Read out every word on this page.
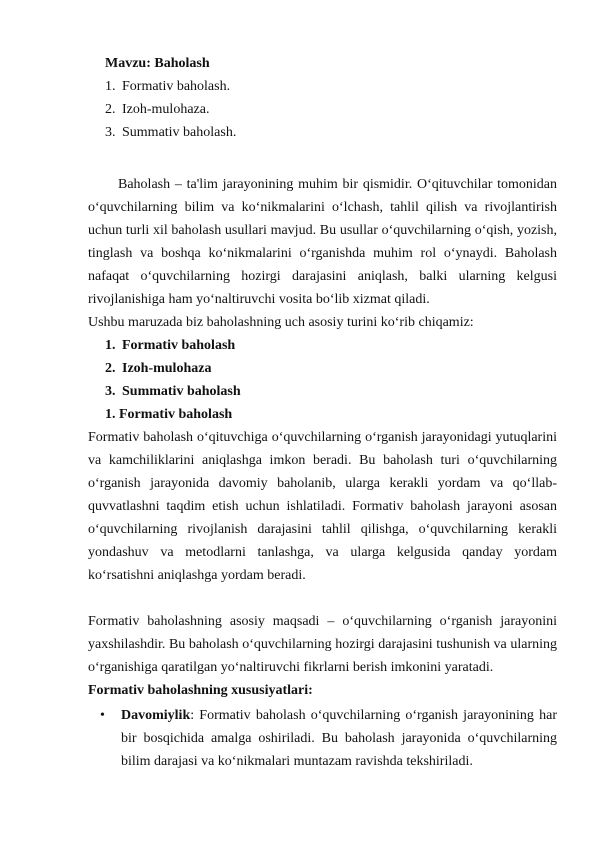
Mavzu: Baholash
1. Formativ baholash.
2. Izoh-mulohaza.
3. Summativ baholash.
Baholash – ta'lim jarayonining muhim bir qismidir. O‘qituvchilar tomonidan o‘quvchilarning bilim va ko‘nikmalarini o‘lchash, tahlil qilish va rivojlantirish uchun turli xil baholash usullari mavjud. Bu usullar o‘quvchilarning o‘qish, yozish, tinglash va boshqa ko‘nikmalarini o‘rganishda muhim rol o‘ynaydi. Baholash nafaqat o‘quvchilarning hozirgi darajasini aniqlash, balki ularning kelgusi rivojlanishiga ham yo‘naltiruvchi vosita bo‘lib xizmat qiladi.
Ushbu maruzada biz baholashning uch asosiy turini ko‘rib chiqamiz:
1. Formativ baholash
2. Izoh-mulohaza
3. Summativ baholash
1. Formativ baholash
Formativ baholash o‘qituvchiga o‘quvchilarning o‘rganish jarayonidagi yutuqlarini va kamchiliklarini aniqlashga imkon beradi. Bu baholash turi o‘quvchilarning o‘rganish jarayonida davomiy baholanib, ularga kerakli yordam va qo‘llab-quvvatlashni taqdim etish uchun ishlatiladi. Formativ baholash jarayoni asosan o‘quvchilarning rivojlanish darajasini tahlil qilishga, o‘quvchilarning kerakli yondashuv va metodlarni tanlashga, va ularga kelgusida qanday yordam ko‘rsatishni aniqlashga yordam beradi.
Formativ baholashning asosiy maqsadi – o‘quvchilarning o‘rganish jarayonini yaxshilashdir. Bu baholash o‘quvchilarning hozirgi darajasini tushunish va ularning o‘rganishiga qaratilgan yo‘naltiruvchi fikrlarni berish imkonini yaratadi.
Formativ baholashning xususiyatlari:
• Davomiylik: Formativ baholash o‘quvchilarning o‘rganish jarayonining har bir bosqichida amalga oshiriladi. Bu baholash jarayonida o‘quvchilarning bilim darajasi va ko‘nikmalari muntazam ravishda tekshiriladi.
